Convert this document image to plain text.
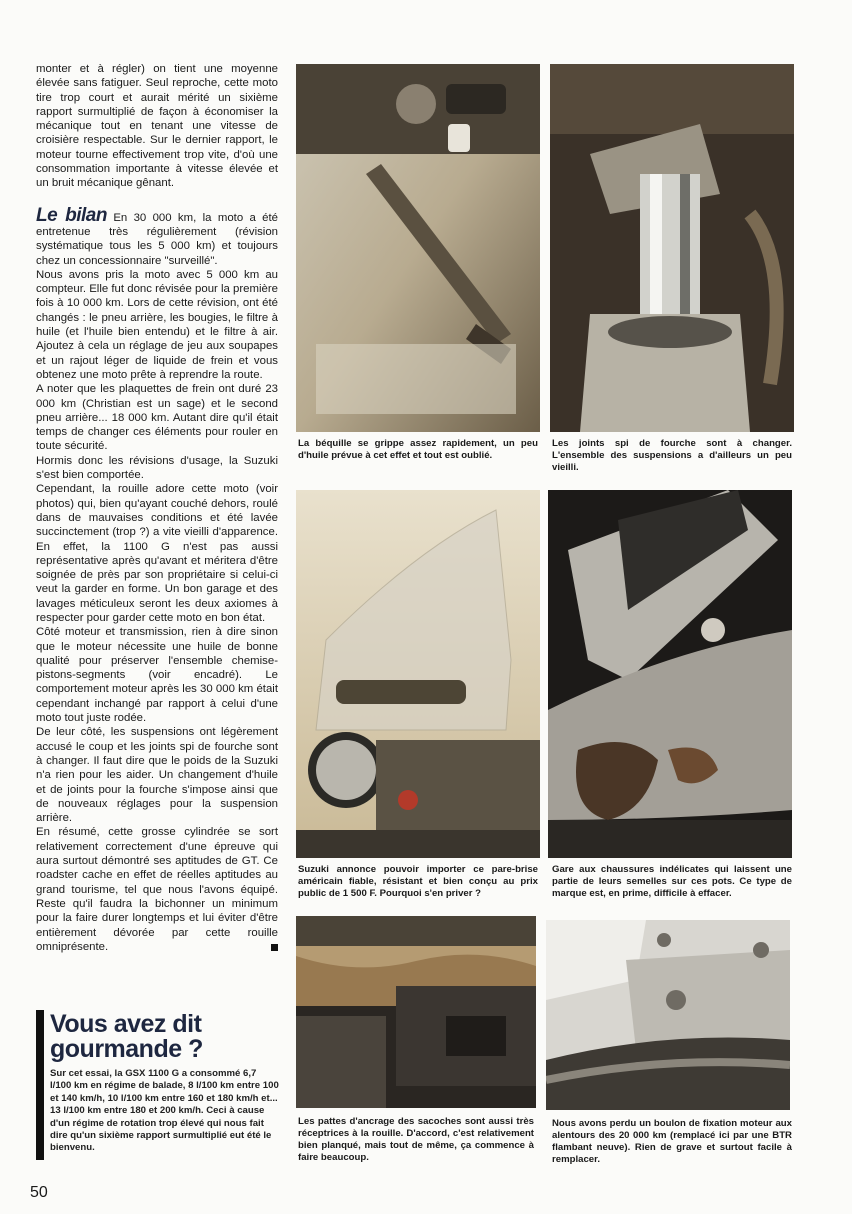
monter et à régler) on tient une moyenne élevée sans fatiguer. Seul reproche, cette moto tire trop court et aurait mérité un sixième rapport surmultiplié de façon à économiser la mécanique tout en tenant une vitesse de croisière respectable. Sur le dernier rapport, le moteur tourne effectivement trop vite, d'où une consommation importante à vitesse élevée et un bruit mécanique gênant.

Le bilan En 30 000 km, la moto a été entretenue très régulièrement (révision systématique tous les 5 000 km) et toujours chez un concessionnaire "surveillé".

Nous avons pris la moto avec 5 000 km au compteur. Elle fut donc révisée pour la première fois à 10 000 km. Lors de cette révision, ont été changés : le pneu arrière, les bougies, le filtre à huile (et l'huile bien entendu) et le filtre à air. Ajoutez à cela un réglage de jeu aux soupapes et un rajout léger de liquide de frein et vous obtenez une moto prête à reprendre la route.

A noter que les plaquettes de frein ont duré 23 000 km (Christian est un sage) et le second pneu arrière... 18 000 km. Autant dire qu'il était temps de changer ces éléments pour rouler en toute sécurité.

Hormis donc les révisions d'usage, la Suzuki s'est bien comportée.

Cependant, la rouille adore cette moto (voir photos) qui, bien qu'ayant couché dehors, roulé dans de mauvaises conditions et été lavée succinctement (trop ?) a vite vieilli d'apparence. En effet, la 1100 G n'est pas aussi représentative après qu'avant et méritera d'être soignée de près par son propriétaire si celui-ci veut la garder en forme. Un bon garage et des lavages méticuleux seront les deux axiomes à respecter pour garder cette moto en bon état.

Côté moteur et transmission, rien à dire sinon que le moteur nécessite une huile de bonne qualité pour préserver l'ensemble chemise-pistons-segments (voir encadré). Le comportement moteur après les 30 000 km était cependant inchangé par rapport à celui d'une moto tout juste rodée.

De leur côté, les suspensions ont légèrement accusé le coup et les joints spi de fourche sont à changer. Il faut dire que le poids de la Suzuki n'a rien pour les aider. Un changement d'huile et de joints pour la fourche s'impose ainsi que de nouveaux réglages pour la suspension arrière.

En résumé, cette grosse cylindrée se sort relativement correctement d'une épreuve qui aura surtout démontré ses aptitudes de GT. Ce roadster cache en effet de réelles aptitudes au grand tourisme, tel que nous l'avons équipé. Reste qu'il faudra la bichonner un minimum pour la faire durer longtemps et lui éviter d'être entièrement dévorée par cette rouille omniprésente.

Vous avez dit
gourmande ?
Sur cet essai, la GSX 1100 G a consommé 6,7 l/100 km en régime de balade, 8 l/100 km entre 100 et 140 km/h, 10 l/100 km entre 160 et 180 km/h et... 13 l/100 km entre 180 et 200 km/h. Ceci à cause d'un régime de rotation trop élevé qui nous fait dire qu'un sixième rapport surmultiplié eut été le bienvenu.
La béquille se grippe assez rapidement, un peu d'huile prévue à cet effet et tout est oublié.
Les joints spi de fourche sont à changer. L'ensemble des suspensions a d'ailleurs un peu vieilli.
Suzuki annonce pouvoir importer ce pare-brise américain fiable, résistant et bien conçu au prix public de 1 500 F. Pourquoi s'en priver ?
Gare aux chaussures indélicates qui laissent une partie de leurs semelles sur ces pots. Ce type de marque est, en prime, difficile à effacer.
Les pattes d'ancrage des sacoches sont aussi très réceptrices à la rouille. D'accord, c'est relativement bien planqué, mais tout de même, ça commence à faire beaucoup.
Nous avons perdu un boulon de fixation moteur aux alentours des 20 000 km (remplacé ici par une BTR flambant neuve). Rien de grave et surtout facile à remplacer.
50
